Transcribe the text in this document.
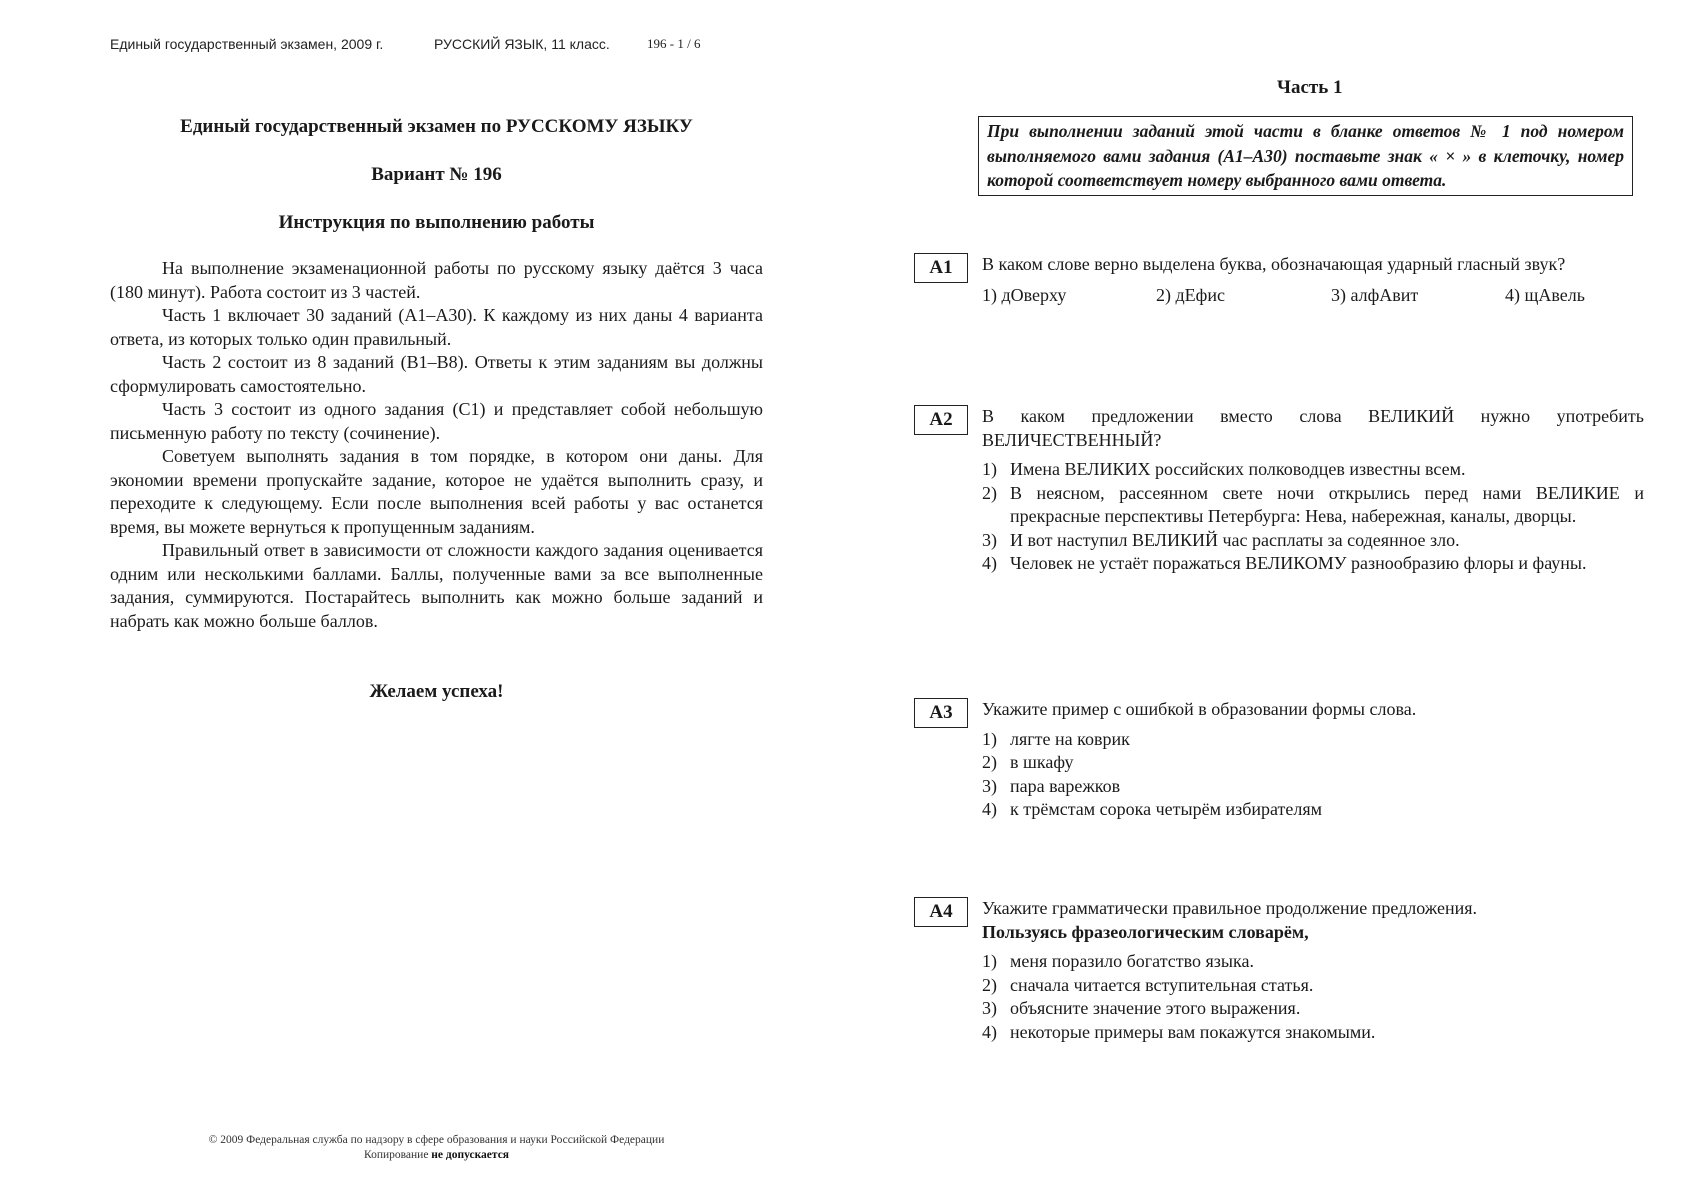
Единый государственный экзамен, 2009 г.	РУССКИЙ ЯЗЫК, 11 класс.	196 - 1 / 6
Единый государственный экзамен по РУССКОМУ ЯЗЫКУ
Вариант № 196
Инструкция по выполнению работы

На выполнение экзаменационной работы по русскому языку даётся 3 часа (180 минут). Работа состоит из 3 частей.

Часть 1 включает 30 заданий (А1–А30). К каждому из них даны 4 варианта ответа, из которых только один правильный.

Часть 2 состоит из 8 заданий (В1–В8). Ответы к этим заданиям вы должны сформулировать самостоятельно.

Часть 3 состоит из одного задания (С1) и представляет собой небольшую письменную работу по тексту (сочинение).

Советуем выполнять задания в том порядке, в котором они даны. Для экономии времени пропускайте задание, которое не удаётся выполнить сразу, и переходите к следующему. Если после выполнения всей работы у вас останется время, вы можете вернуться к пропущенным заданиям.

Правильный ответ в зависимости от сложности каждого задания оценивается одним или несколькими баллами. Баллы, полученные вами за все выполненные задания, суммируются. Постарайтесь выполнить как можно больше заданий и набрать как можно больше баллов.

Желаем успеха!
© 2009 Федеральная служба по надзору в сфере образования и науки Российской Федерации
Копирование не допускается
Часть 1
При выполнении заданий этой части в бланке ответов № 1 под номером выполняемого вами задания (А1–А30) поставьте знак « × » в клеточку, номер которой соответствует номеру выбранного вами ответа.
А1	В каком слове верно выделена буква, обозначающая ударный гласный звук?

1) дОверху	2) дЕфис	3) алфАвит	4) щАвель
А2	В каком предложении вместо слова ВЕЛИКИЙ нужно употребить ВЕЛИЧЕСТВЕННЫЙ?

1) Имена ВЕЛИКИХ российских полководцев известны всем.
2) В неясном, рассеянном свете ночи открылись перед нами ВЕЛИКИЕ и прекрасные перспективы Петербурга: Нева, набережная, каналы, дворцы.
3) И вот наступил ВЕЛИКИЙ час расплаты за содеянное зло.
4) Человек не устаёт поражаться ВЕЛИКОМУ разнообразию флоры и фауны.
А3	Укажите пример с ошибкой в образовании формы слова.

1) лягте на коврик
2) в шкафу
3) пара варежков
4) к трёмстам сорока четырём избирателям
А4	Укажите грамматически правильное продолжение предложения.

Пользуясь фразеологическим словарём,

1) меня поразило богатство языка.
2) сначала читается вступительная статья.
3) объясните значение этого выражения.
4) некоторые примеры вам покажутся знакомыми.
